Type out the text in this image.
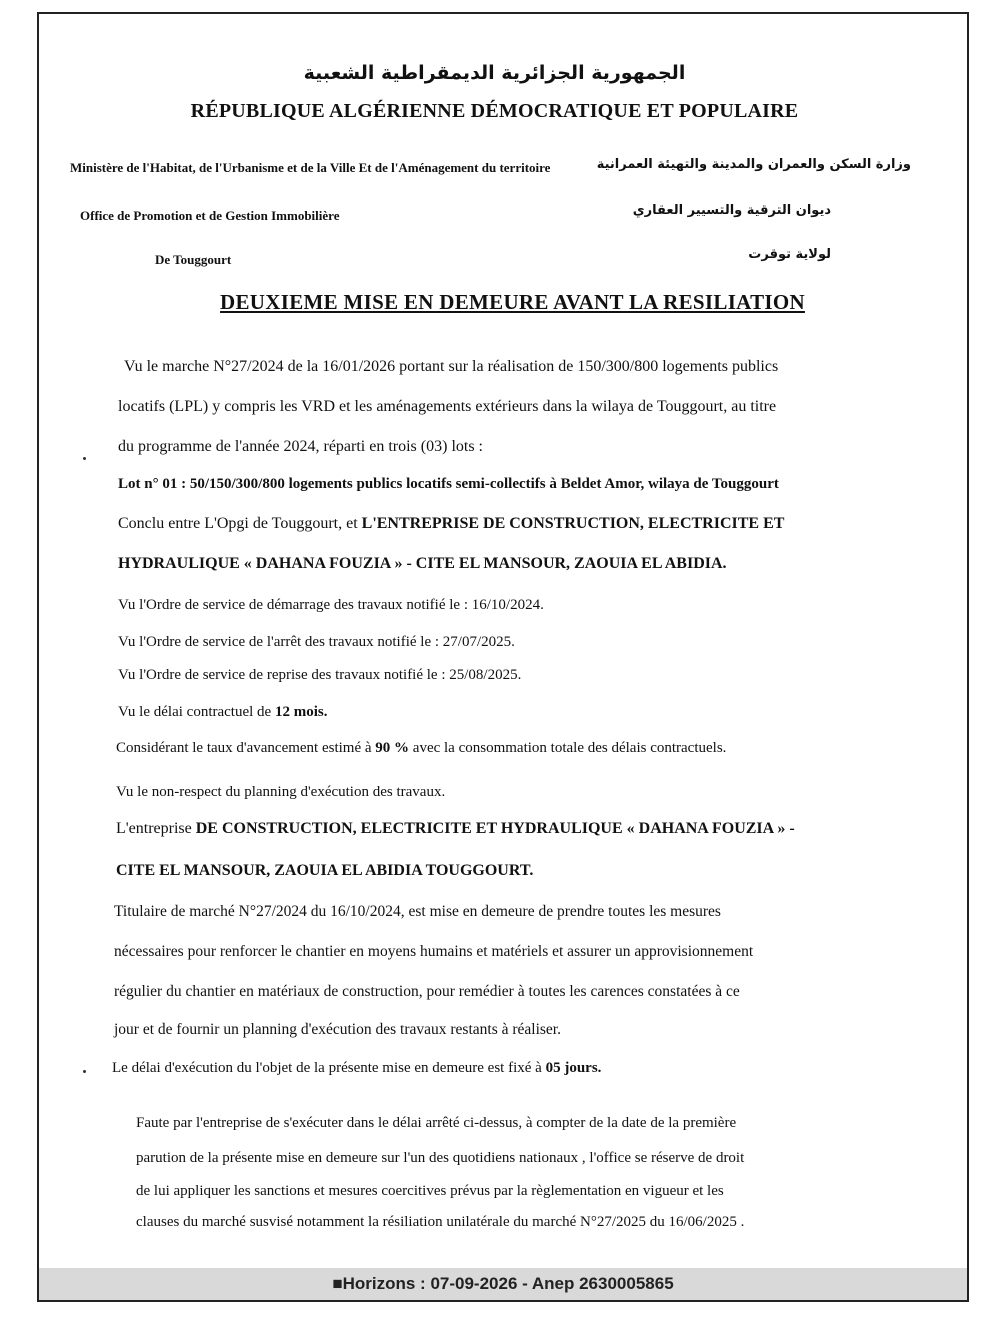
الجمهورية الجزائرية الديمقراطية الشعبية
RÉPUBLIQUE ALGÉRIENNE DÉMOCRATIQUE ET POPULAIRE
Ministère de l'Habitat, de l'Urbanisme et de la Ville Et de l'Aménagement du territoire	وزارة السكن والعمران والمدينة والتهيئة العمرانية
Office de Promotion et de Gestion Immobilière	ديوان الترقية والتسيير العقاري
De Touggourt	لولاية توقرت
DEUXIEME MISE EN DEMEURE AVANT LA RESILIATION
Vu le marche N°27/2024 de la 16/01/2026 portant sur la réalisation de 150/300/800 logements publics
locatifs (LPL) y compris les VRD et les aménagements extérieurs dans la wilaya de Touggourt, au titre
du programme de l'année 2024, réparti en trois (03) lots :
Lot n° 01 : 50/150/300/800 logements publics locatifs semi-collectifs à Beldet Amor, wilaya de Touggourt
Conclu entre L'Opgi de Touggourt, et L'ENTREPRISE DE CONSTRUCTION, ELECTRICITE ET
HYDRAULIQUE « DAHANA FOUZIA » - CITE EL MANSOUR, ZAOUIA EL ABIDIA.
Vu l'Ordre de service de démarrage des travaux notifié le : 16/10/2024.
Vu l'Ordre de service de l'arrêt des travaux notifié le : 27/07/2025.
Vu l'Ordre de service de reprise des travaux notifié le : 25/08/2025.
Vu le délai contractuel de 12 mois.
Considérant le taux d'avancement estimé à 90 % avec la consommation totale des délais contractuels.
Vu le non-respect du planning d'exécution des travaux.
L'entreprise DE CONSTRUCTION, ELECTRICITE ET HYDRAULIQUE « DAHANA FOUZIA » -
CITE EL MANSOUR, ZAOUIA EL ABIDIA TOUGGOURT.
Titulaire de marché N°27/2024 du 16/10/2024, est mise en demeure de prendre toutes les mesures
nécessaires pour renforcer le chantier en moyens humains et matériels et assurer un approvisionnement
régulier du chantier en matériaux de construction, pour remédier à toutes les carences constatées à ce
jour et de fournir un planning d'exécution des travaux restants à réaliser.
Le délai d'exécution du l'objet de la présente mise en demeure est fixé à 05 jours.
Faute par l'entreprise de s'exécuter dans le délai arrêté ci-dessus, à compter de la date de la première
parution de la présente mise en demeure sur l'un des quotidiens nationaux , l'office se réserve de droit
de lui appliquer les sanctions et mesures coercitives prévus par la règlementation en vigueur et les
clauses du marché susvisé notamment la résiliation unilatérale du marché N°27/2025 du 16/06/2025 .
■Horizons : 07-09-2026 - Anep 2630005865
